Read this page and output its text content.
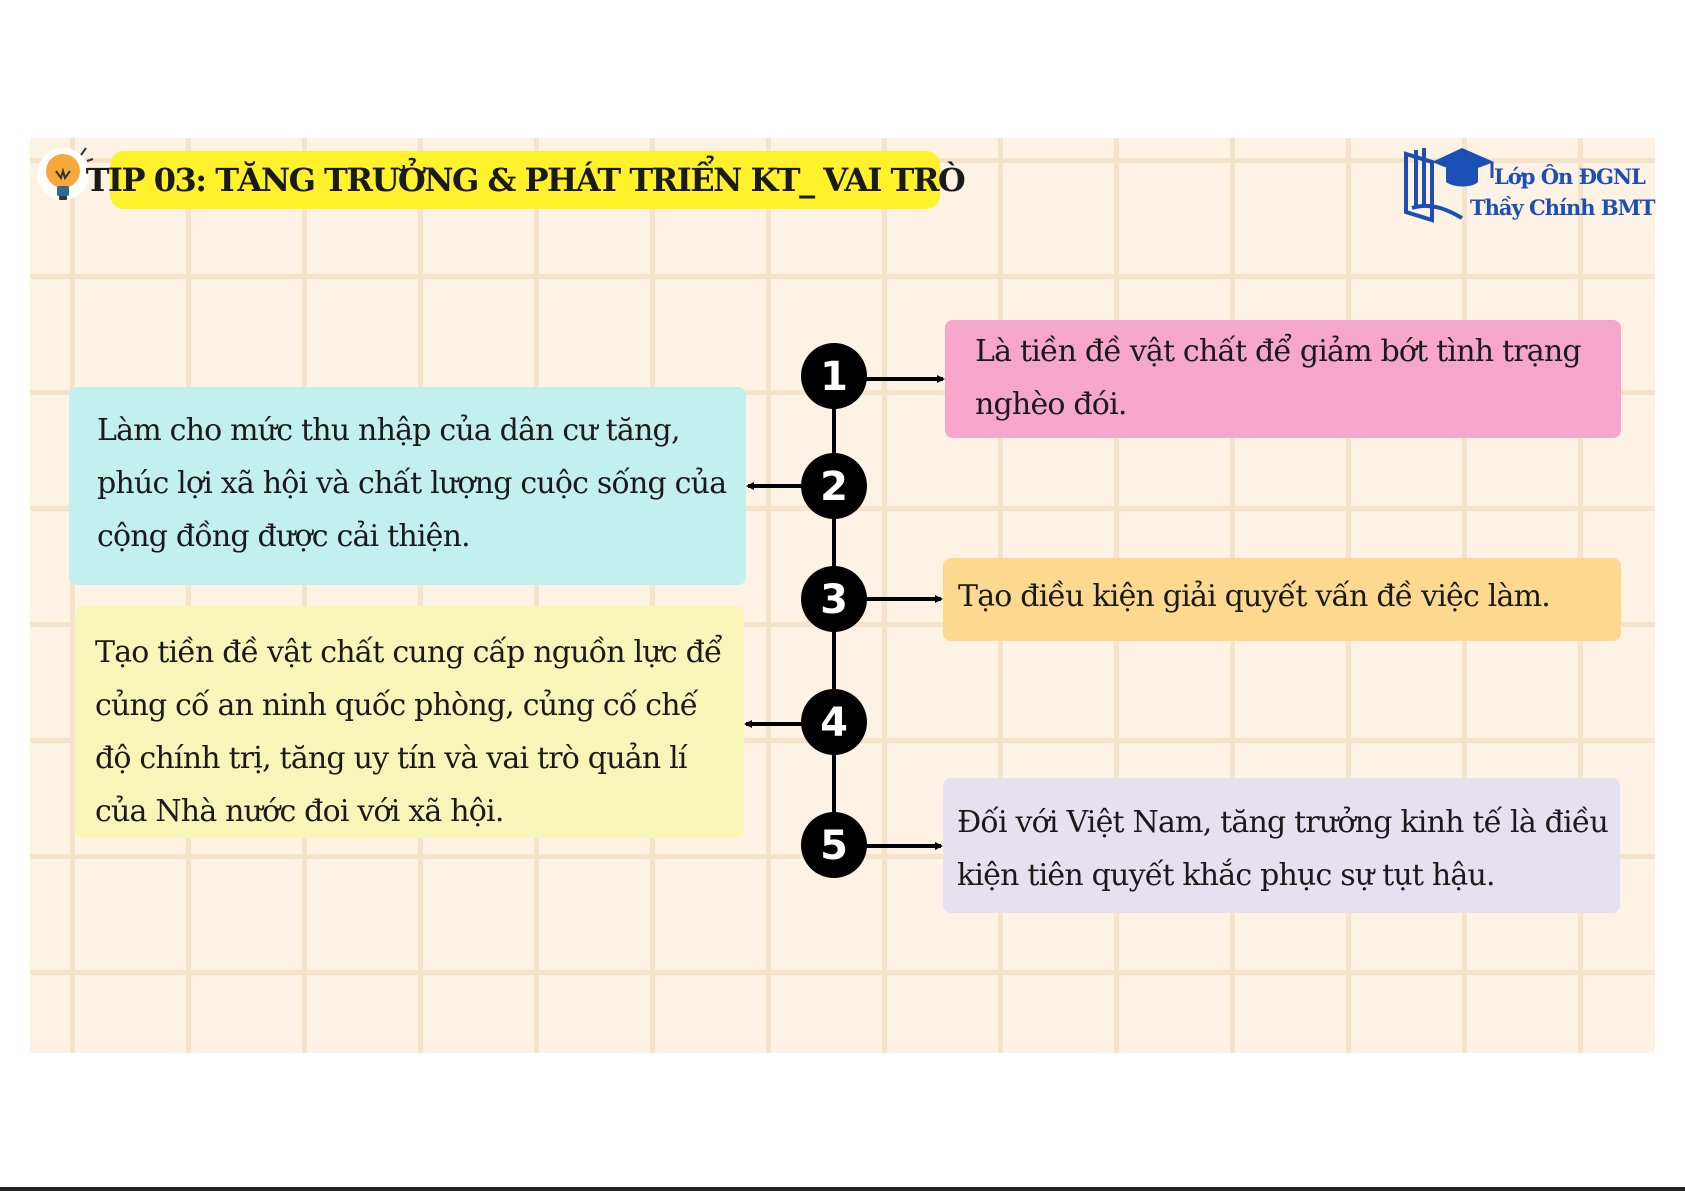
TIP 03: TĂNG TRƯỞNG & PHÁT TRIỂN KT_ VAI TRÒ	Lớp Ôn ĐGNL
Thầy Chính BMT
1
2
3
4
5
Là tiền đề vật chất để giảm bớt tình trạng nghèo đói.
Làm cho mức thu nhập của dân cư tăng, phúc lợi xã hội và chất lượng cuộc sống của cộng đồng được cải thiện.
Tạo điều kiện giải quyết vấn đề việc làm.
Tạo tiền đề vật chất cung cấp nguồn lực để củng cố an ninh quốc phòng, củng cố chế độ chính trị, tăng uy tín và vai trò quản lí của Nhà nước đoi với xã hội.	Đối với Việt Nam, tăng trưởng kinh tế là điều kiện tiên quyết khắc phục sự tụt hậu.
